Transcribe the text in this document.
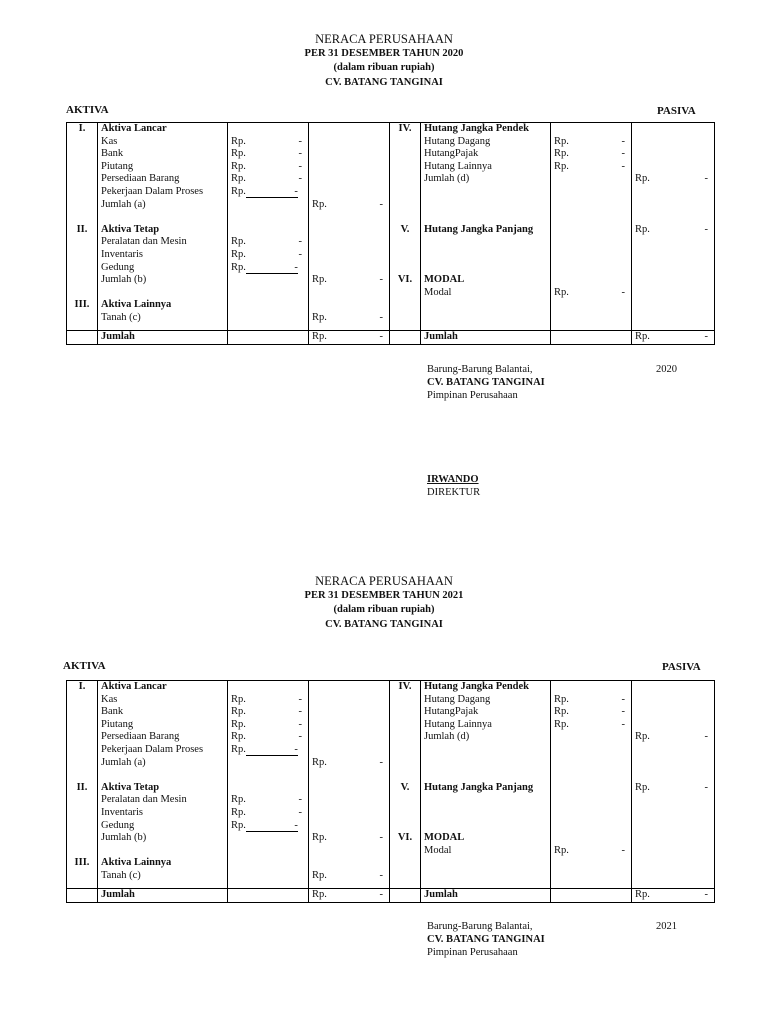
NERACA PERUSAHAAN
PER 31 DESEMBER TAHUN 2020
(dalam ribuan rupiah)
CV. BATANG TANGINAI
AKTIVA	PASIVA
I.	Aktiva Lancar			IV.	Hutang Jangka Pendek		
	Kas	Rp. -			Hutang Dagang	Rp. -	

	Bank	Rp. -			HutangPajak	Rp. -	

	Piutang	Rp. -			Hutang Lainnya	Rp. -	

	Persediaan Barang	Rp. -			Jumlah (d)		Rp. -

	Pekerjaan Dalam Proses	Rp. -					
	Jumlah (a)		Rp. -				

II.	Aktiva Tetap			V.	Hutang Jangka Panjang		Rp. -

	Peralatan dan Mesin	Rp. -					

	Inventaris	Rp. -					

	Gedung	Rp. -					
	Jumlah (b)		Rp. -	VI.	MODAL		
					Modal	Rp. -	

III.	Aktiva Lainnya						
	Tanah (c)		Rp. -				

	Jumlah		Rp. -		Jumlah		Rp. -
Barung-Barung Balantai,
CV. BATANG TANGINAI
Pimpinan Perusahaan
2020
IRWANDO
DIREKTUR
NERACA PERUSAHAAN
PER 31 DESEMBER TAHUN 2021
(dalam ribuan rupiah)
CV. BATANG TANGINAI
AKTIVA	PASIVA
I.	Aktiva Lancar			IV.	Hutang Jangka Pendek		
	Kas	Rp. -			Hutang Dagang	Rp. -	

	Bank	Rp. -			HutangPajak	Rp. -	

	Piutang	Rp. -			Hutang Lainnya	Rp. -	

	Persediaan Barang	Rp. -			Jumlah (d)		Rp. -

	Pekerjaan Dalam Proses	Rp. -					
	Jumlah (a)		Rp. -				

II.	Aktiva Tetap			V.	Hutang Jangka Panjang		Rp. -

	Peralatan dan Mesin	Rp. -					

	Inventaris	Rp. -					

	Gedung	Rp. -					
	Jumlah (b)		Rp. -	VI.	MODAL		
					Modal	Rp. -	

III.	Aktiva Lainnya						
	Tanah (c)		Rp. -				

	Jumlah		Rp. -		Jumlah		Rp. -
Barung-Barung Balantai,
CV. BATANG TANGINAI
Pimpinan Perusahaan
2021
